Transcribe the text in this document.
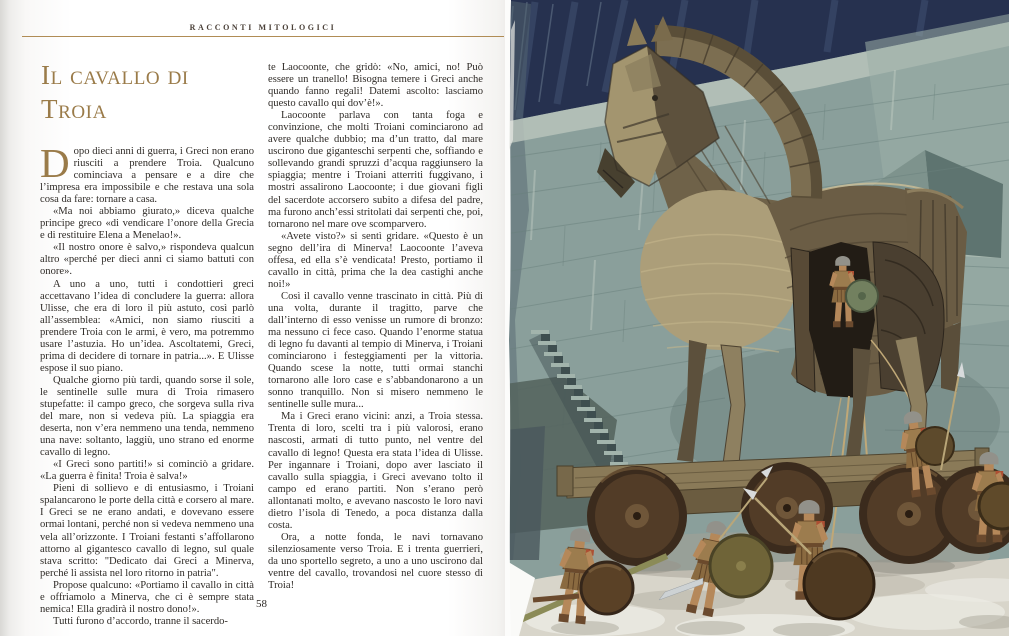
RACCONTI MITOLOGICI
Il cavallo di Troia

Dopo dieci anni di guerra, i Greci non erano riusciti a prendere Troia. Qualcuno cominciava a pensare e a dire che l’impresa era impossibile e che restava una sola cosa da fare: tornare a casa.

«Ma noi abbiamo giurato,» diceva qualche principe greco «di vendicare l’onore della Grecia e di restituire Elena a Menelao!».

«Il nostro onore è salvo,» rispondeva qualcun altro «perché per dieci anni ci siamo battuti con onore».

A uno a uno, tutti i condottieri greci accettavano l’idea di concludere la guerra: allora Ulisse, che era di loro il più astuto, così parlò all’assemblea: «Amici, non siamo riusciti a prendere Troia con le armi, è vero, ma potremmo usare l’astuzia. Ho un’idea. Ascoltatemi, Greci, prima di decidere di tornare in patria...». E Ulisse espose il suo piano.

Qualche giorno più tardi, quando sorse il sole, le sentinelle sulle mura di Troia rimasero stupefatte: il campo greco, che sorgeva sulla riva del mare, non si vedeva più. La spiaggia era deserta, non v’era nemmeno una tenda, nemmeno una nave: soltanto, laggiù, uno strano ed enorme cavallo di legno.

«I Greci sono partiti!» si cominciò a gridare. «La guerra è finita! Troia è salva!»

Pieni di sollievo e di entusiasmo, i Troiani spalancarono le porte della città e corsero al mare. I Greci se ne erano andati, e dovevano essere ormai lontani, perché non si vedeva nemmeno una vela all’orizzonte. I Troiani festanti s’affollarono attorno al gigantesco cavallo di legno, sul quale stava scritto: "Dedicato dai Greci a Minerva, perché li assista nel loro ritorno in patria".

Propose qualcuno: «Portiamo il cavallo in città e offriamolo a Minerva, che ci è sempre stata nemica! Ella gradirà il nostro dono!».

Tutti furono d’accordo, tranne il sacerdo-

te Laocoonte, che gridò: «No, amici, no! Può essere un tranello! Bisogna temere i Greci anche quando fanno regali! Datemi ascolto: lasciamo questo cavallo qui dov’è!».

Laocoonte parlava con tanta foga e convinzione, che molti Troiani cominciarono ad avere qualche dubbio; ma d’un tratto, dal mare uscirono due giganteschi serpenti che, soffiando e sollevando grandi spruzzi d’acqua raggiunsero la spiaggia; mentre i Troiani atterriti fuggivano, i mostri assalirono Laocoonte; i due giovani figli del sacerdote accorsero subito a difesa del padre, ma furono anch’essi stritolati dai serpenti che, poi, tornarono nel mare ove scomparvero.

«Avete visto?» si sentì gridare. «Questo è un segno dell’ira di Minerva! Laocoonte l’aveva offesa, ed ella s’è vendicata! Presto, portiamo il cavallo in città, prima che la dea castighi anche noi!»

Così il cavallo venne trascinato in città. Più di una volta, durante il tragitto, parve che dall’interno di esso venisse un rumore di bronzo: ma nessuno ci fece caso. Quando l’enorme statua di legno fu davanti al tempio di Minerva, i Troiani cominciarono i festeggiamenti per la vittoria. Quando scese la notte, tutti ormai stanchi tornarono alle loro case e s’abbandonarono a un sonno tranquillo. Non si misero nemmeno le sentinelle sulle mura...

Ma i Greci erano vicini: anzi, a Troia stessa. Trenta di loro, scelti tra i più valorosi, erano nascosti, armati di tutto punto, nel ventre del cavallo di legno! Questa era stata l’idea di Ulisse. Per ingannare i Troiani, dopo aver lasciato il cavallo sulla spiaggia, i Greci avevano tolto il campo ed erano partiti. Non s’erano però allontanati molto, e avevano nascosto le loro navi dietro l’isola di Tenedo, a poca distanza dalla costa.

Ora, a notte fonda, le navi tornavano silenziosamente verso Troia. E i trenta guerrieri, da uno sportello segreto, a uno a uno uscirono dal ventre del cavallo, trovandosi nel cuore stesso di Troia!

58
